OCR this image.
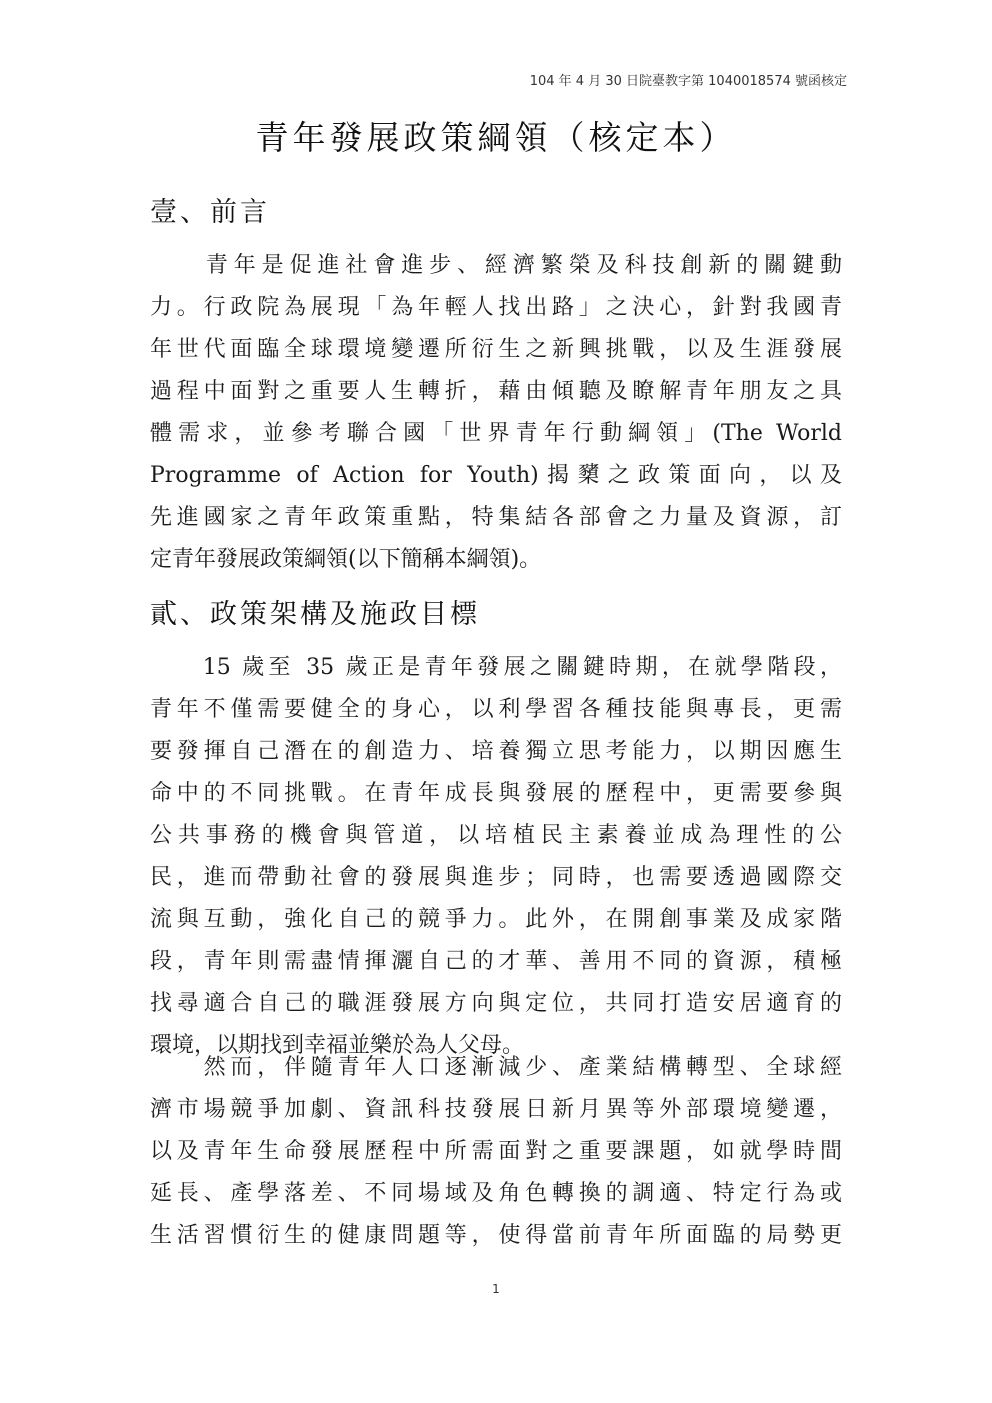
104 年 4 月 30 日院臺教字第 1040018574 號函核定
青年發展政策綱領（核定本）
壹、前言
　　青年是促進社會進步、經濟繁榮及科技創新的關鍵動
力。行政院為展現「為年輕人找出路」之決心，針對我國青
年世代面臨全球環境變遷所衍生之新興挑戰，以及生涯發展
過程中面對之重要人生轉折，藉由傾聽及瞭解青年朋友之具
體需求，並參考聯合國「世界青年行動綱領」(The World
Programme of Action for Youth)揭櫫之政策面向，以及
先進國家之青年政策重點，特集結各部會之力量及資源，訂
定青年發展政策綱領(以下簡稱本綱領)。
貳、政策架構及施政目標
　　15 歲至 35 歲正是青年發展之關鍵時期，在就學階段，
青年不僅需要健全的身心，以利學習各種技能與專長，更需
要發揮自己潛在的創造力、培養獨立思考能力，以期因應生
命中的不同挑戰。在青年成長與發展的歷程中，更需要參與
公共事務的機會與管道，以培植民主素養並成為理性的公
民，進而帶動社會的發展與進步；同時，也需要透過國際交
流與互動，強化自己的競爭力。此外，在開創事業及成家階
段，青年則需盡情揮灑自己的才華、善用不同的資源，積極
找尋適合自己的職涯發展方向與定位，共同打造安居適育的
環境，以期找到幸福並樂於為人父母。
　　然而，伴隨青年人口逐漸減少、產業結構轉型、全球經
濟市場競爭加劇、資訊科技發展日新月異等外部環境變遷，
以及青年生命發展歷程中所需面對之重要課題，如就學時間
延長、產學落差、不同場域及角色轉換的調適、特定行為或
生活習慣衍生的健康問題等，使得當前青年所面臨的局勢更
1
